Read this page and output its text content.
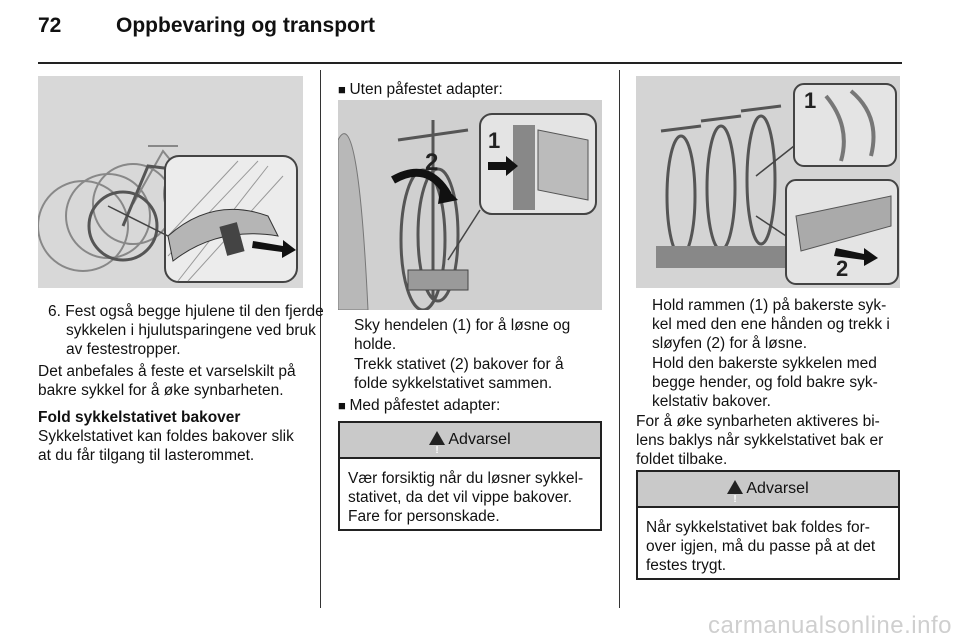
72	Oppbevaring og transport
6. Fest også begge hjulene til den fjerde sykkelen i hjulutsparingene ved bruk av festestropper.
Det anbefales å feste et varselskilt på bakre sykkel for å øke synbarheten.
Fold sykkelstativet bakover
Sykkelstativet kan foldes bakover slik at du får tilgang til lasterommet.
■ Uten påfestet adapter:
2
1
Sky hendelen (1) for å løsne og holde.
Trekk stativet (2) bakover for å folde sykkelstativet sammen.
■ Med påfestet adapter:
!Advarsel
Vær forsiktig når du løsner sykkel-stativet, da det vil vippe bakover. Fare for personskade.
1
2
Hold rammen (1) på bakerste syk-kel med den ene hånden og trekk i sløyfen (2) for å løsne.
Hold den bakerste sykkelen med begge hender, og fold bakre syk-kelstativ bakover.
For å øke synbarheten aktiveres bi-lens baklys når sykkelstativet bak er foldet tilbake.
!Advarsel
Når sykkelstativet bak foldes for-over igjen, må du passe på at det festes trygt.
carmanualsonline.info
